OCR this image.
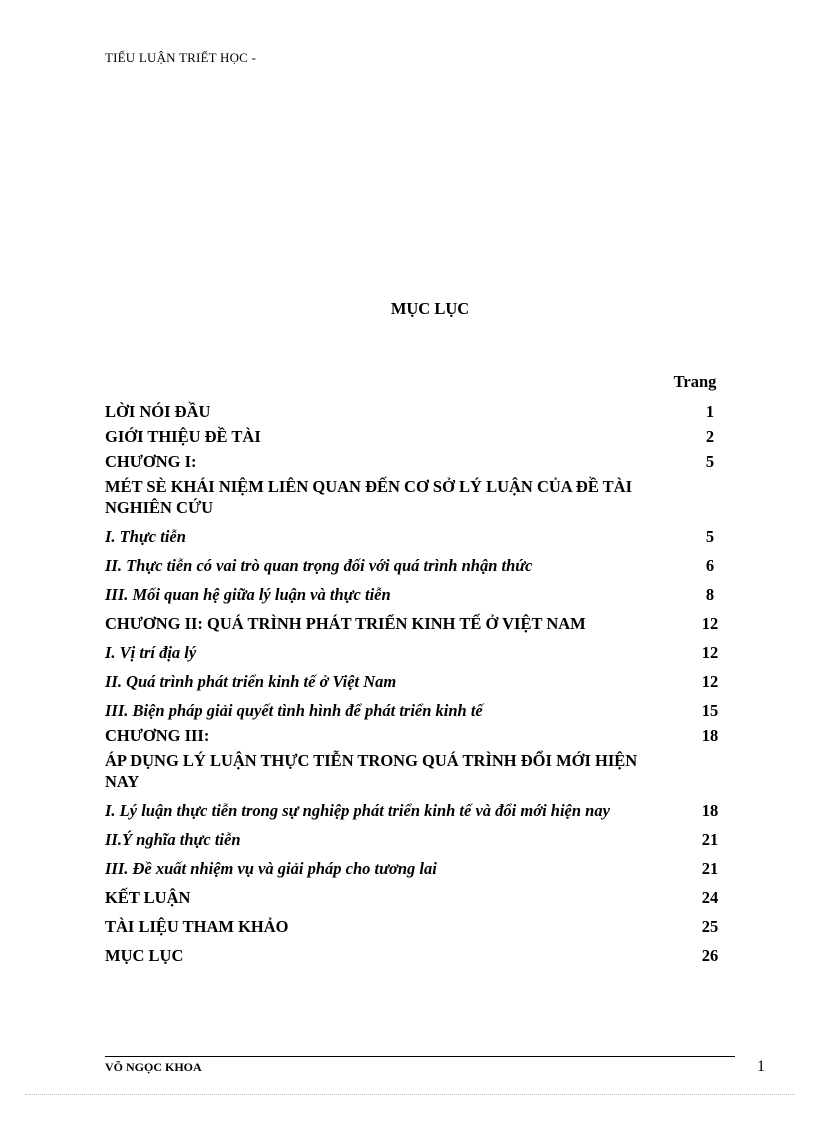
TIỂU LUẬN TRIẾT HỌC -
MỤC LỤC
Trang
LỜI NÓI ĐẦU	1
GIỚI THIỆU ĐỀ TÀI	2
CHƯƠNG I:	5
MÉT SÈ KHÁI NIỆM LIÊN QUAN ĐẾN CƠ SỞ LÝ LUẬN CỦA ĐỀ TÀI NGHIÊN CỨU
I. Thực tiễn	5
II. Thực tiễn có vai trò quan trọng đối với quá trình nhận thức	6
III. Mối quan hệ giữa lý luận và thực tiễn	8
CHƯƠNG II: QUÁ TRÌNH PHÁT TRIỂN KINH TẾ Ở VIỆT NAM	12
I. Vị trí địa lý	12
II. Quá trình phát triển kinh tế ở Việt Nam	12
III. Biện pháp giải quyết tình hình để phát triển kinh tế	15
CHƯƠNG III:	18
ÁP DỤNG LÝ LUẬN THỰC TIỄN TRONG QUÁ TRÌNH ĐỔI MỚI HIỆN NAY
I. Lý luận thực tiễn trong sự nghiệp phát triển kinh tế và đổi mới hiện nay	18
II.Ý nghĩa thực tiễn	21
III. Đề xuất nhiệm vụ và giải pháp cho tương lai	21
KẾT LUẬN	24
TÀI LIỆU THAM KHẢO	25
MỤC LỤC	26
VÕ NGỌC KHOA	1
